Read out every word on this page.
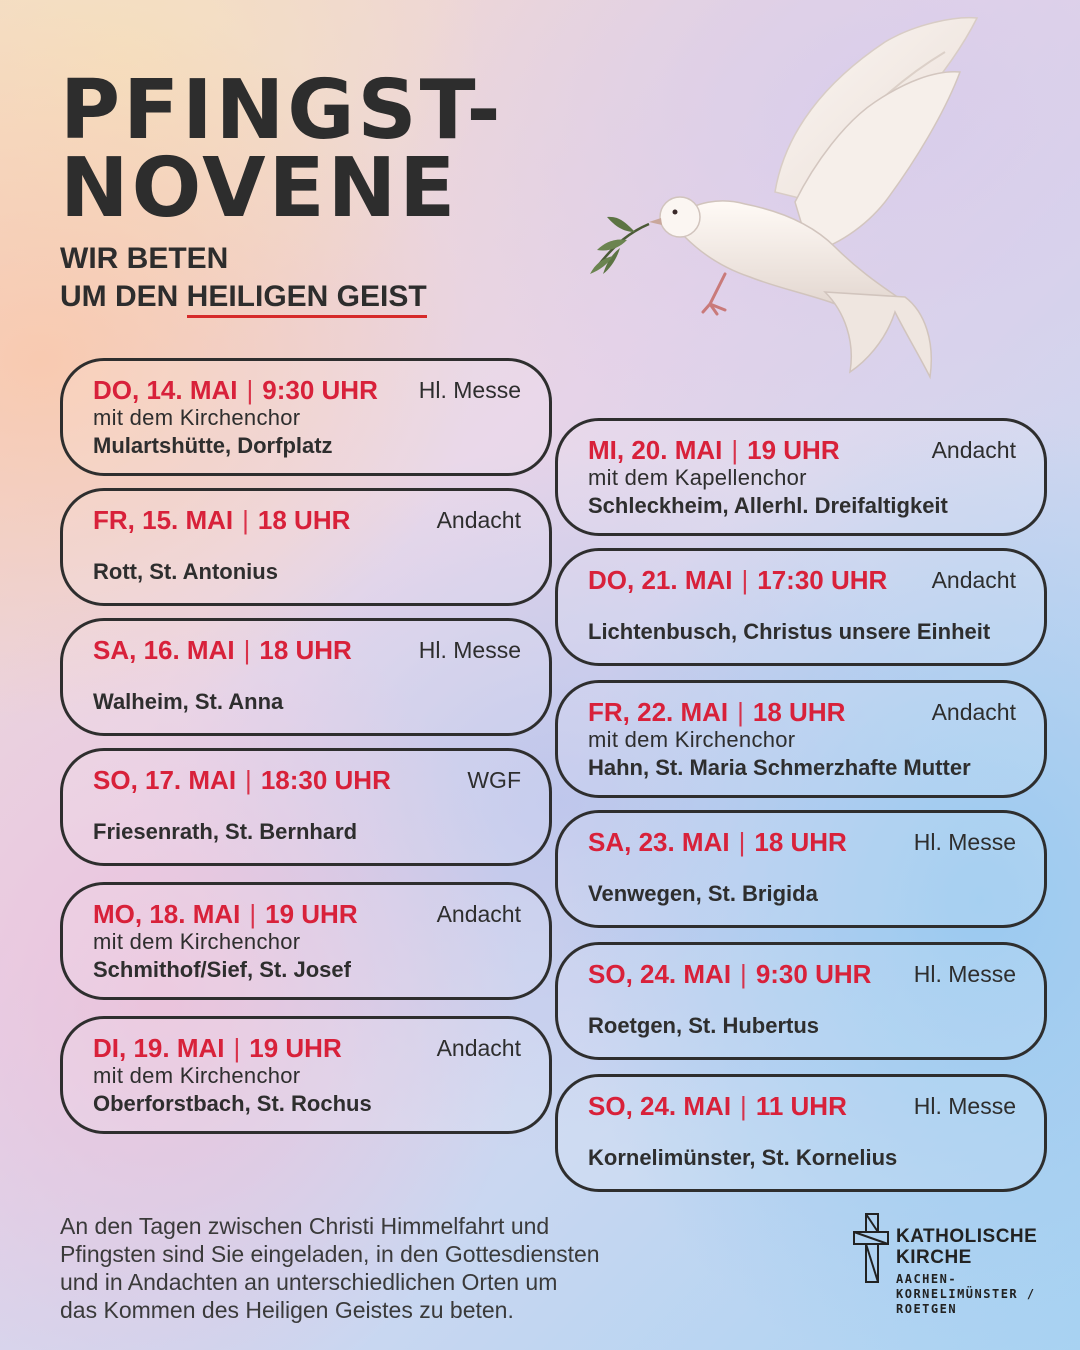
PFINGST-
NOVENE
WIR BETEN
UM DEN HEILIGEN GEIST
DO, 14. MAI | 9:30 UHR Hl. Messe
mit dem Kirchenchor
Mulartshütte, Dorfplatz
FR, 15. MAI | 18 UHR	Andacht
Rott, St. Antonius
SA, 16. MAI | 18 UHR	Hl. Messe
Walheim, St. Anna
SO, 17. MAI | 18:30 UHR	WGF
Friesenrath, St. Bernhard
MO, 18. MAI | 19 UHR	Andacht
mit dem Kirchenchor
Schmithof/Sief, St. Josef
DI, 19. MAI | 19 UHR	Andacht
mit dem Kirchenchor
Oberforstbach, St. Rochus
MI, 20. MAI | 19 UHR	Andacht
mit dem Kapellenchor
Schleckheim, Allerhl. Dreifaltigkeit
DO, 21. MAI | 17:30 UHR Andacht
Lichtenbusch, Christus unsere Einheit
FR, 22. MAI | 18 UHR	Andacht
mit dem Kirchenchor
Hahn, St. Maria Schmerzhafte Mutter
SA, 23. MAI | 18 UHR	Hl. Messe
Venwegen, St. Brigida
SO, 24. MAI | 9:30 UHR Hl. Messe
Roetgen, St. Hubertus
SO, 24. MAI | 11 UHR	Hl. Messe
Kornelimünster, St. Kornelius
An den Tagen zwischen Christi Himmelfahrt und
Pfingsten sind Sie eingeladen, in den Gottesdiensten
und in Andachten an unterschiedlichen Orten um
das Kommen des Heiligen Geistes zu beten.
KATHOLISCHE
KIRCHE
AACHEN-
KORNELIMÜNSTER /
ROETGEN
